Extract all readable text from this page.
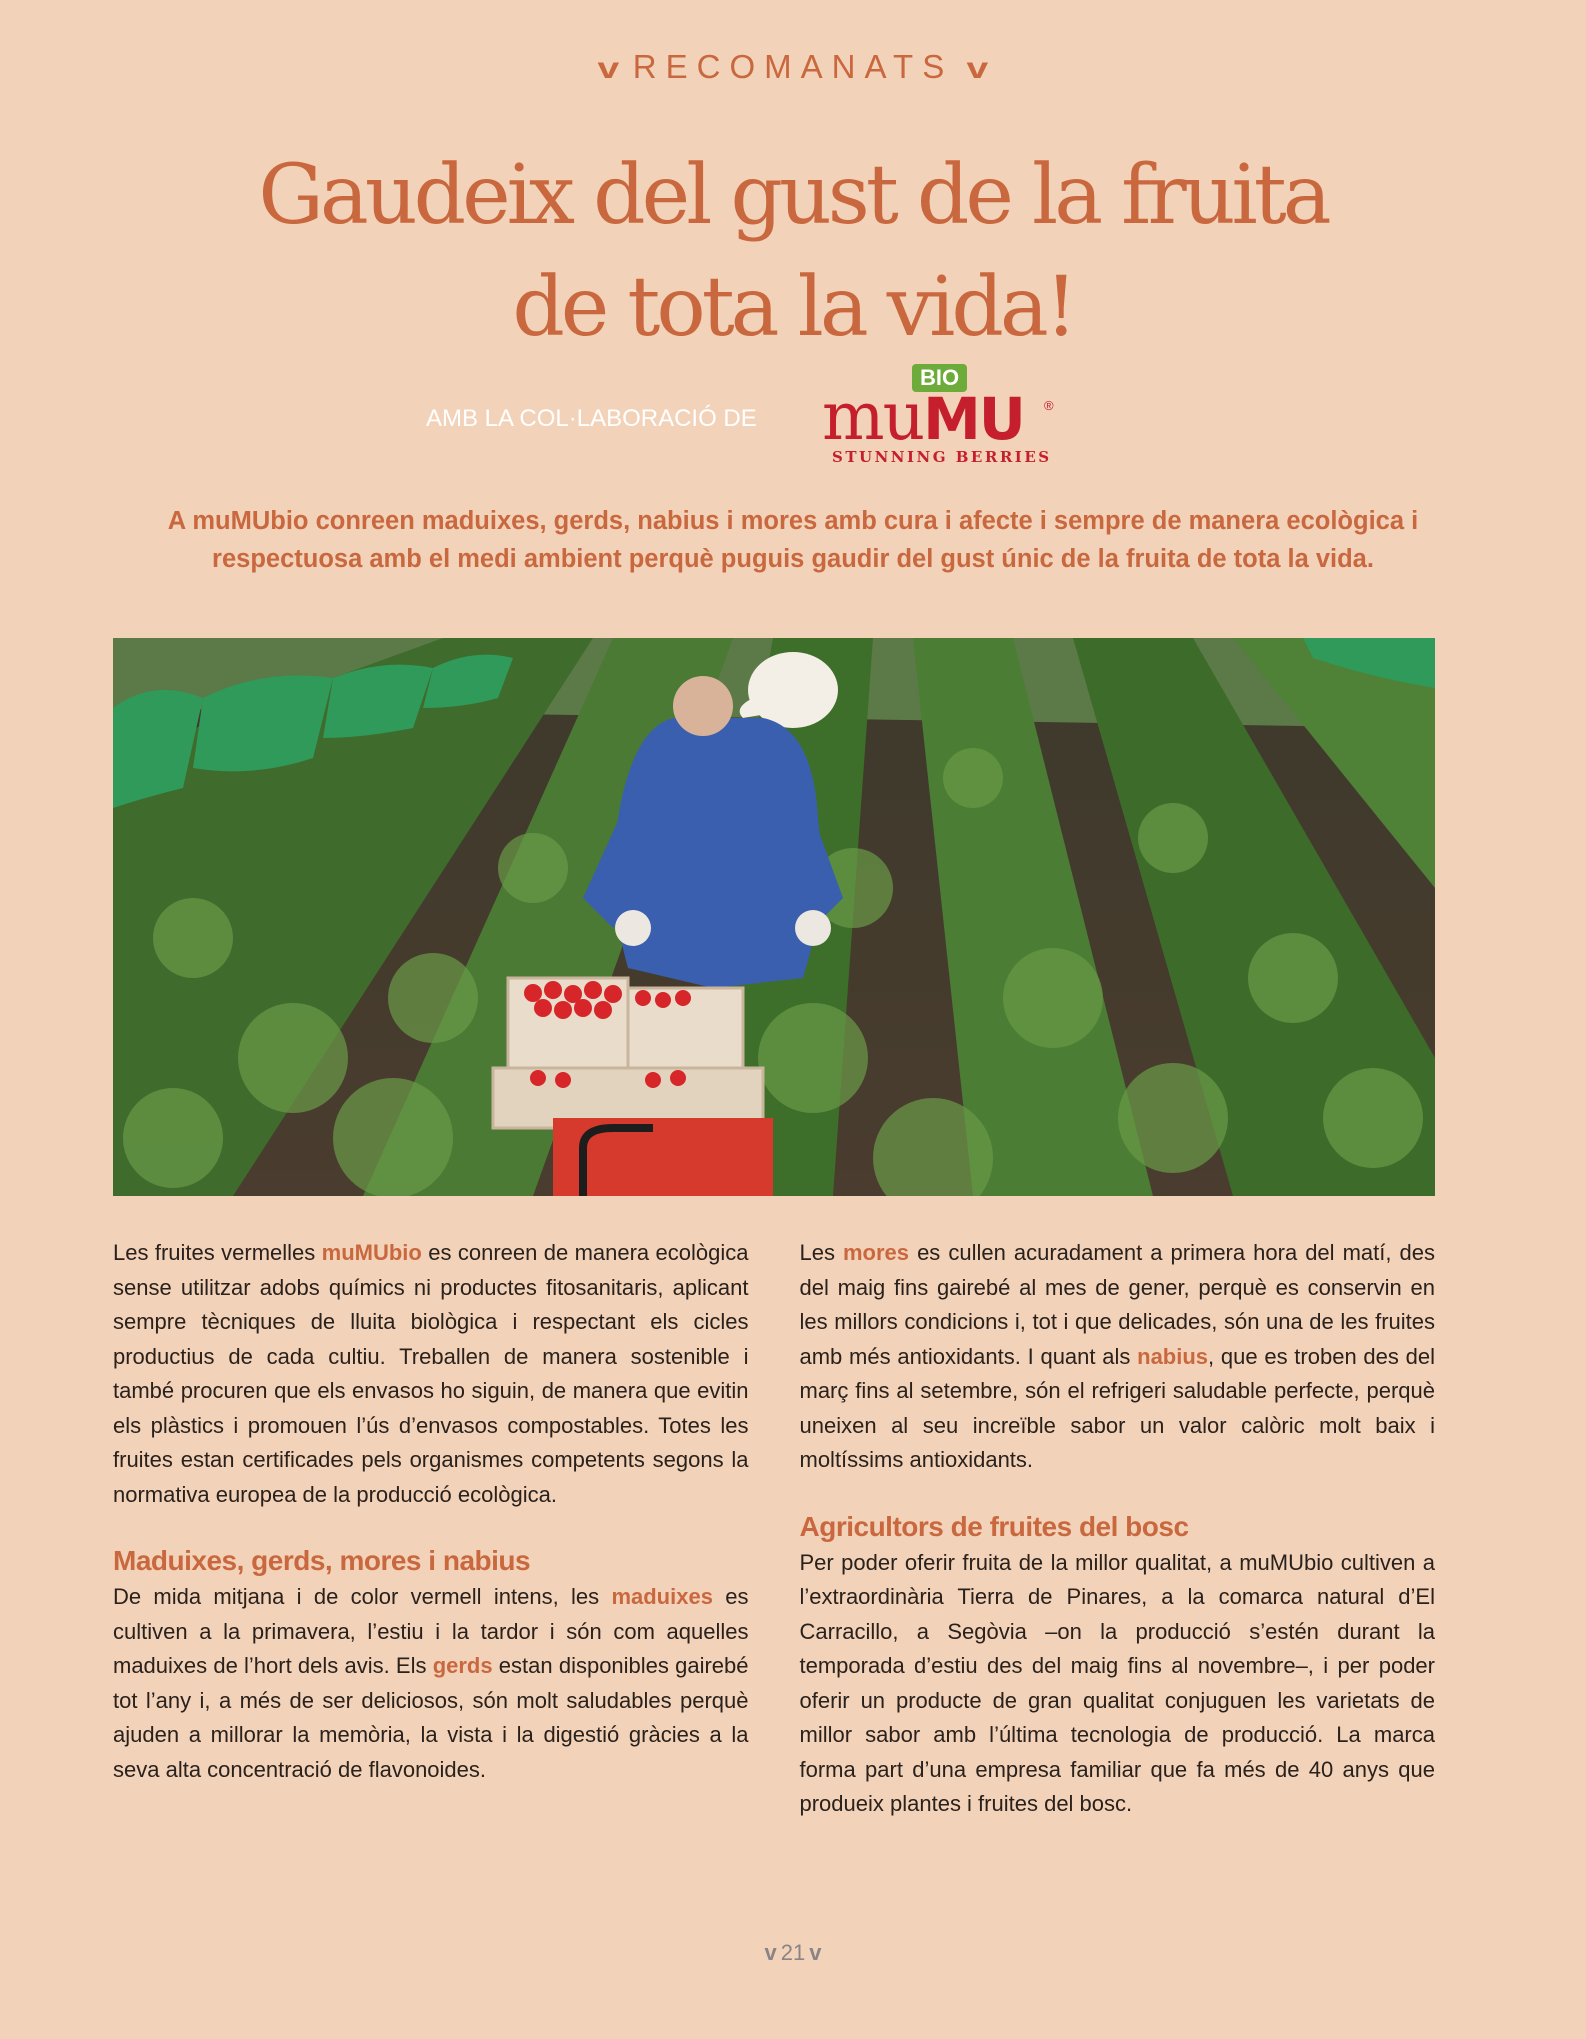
v RECOMANATS v
Gaudeix del gust de la fruita
de tota la vida!
AMB LA COL·LABORACIÓ DE
BIO
muMU ®
STUNNING BERRIES
A muMUbio conreen maduixes, gerds, nabius i mores amb cura i afecte i sempre de manera ecològica i respectuosa amb el medi ambient perquè puguis gaudir del gust únic de la fruita de tota la vida.

Les fruites vermelles muMUbio es conreen de manera ecològica sense utilitzar adobs químics ni productes fitosanitaris, aplicant sempre tècniques de lluita biològica i respectant els cicles productius de cada cultiu. Treballen de manera sostenible i també procuren que els envasos ho siguin, de manera que evitin els plàstics i promouen l’ús d’envasos compostables. Totes les fruites estan certificades pels organismes competents segons la normativa europea de la producció ecològica.

Maduixes, gerds, mores i nabius

De mida mitjana i de color vermell intens, les maduixes es cultiven a la primavera, l’estiu i la tardor i són com aquelles maduixes de l’hort dels avis. Els gerds estan disponibles gairebé tot l’any i, a més de ser deliciosos, són molt saludables perquè ajuden a millorar la memòria, la vista i la digestió gràcies a la seva alta concentració de flavonoides.

Les mores es cullen acuradament a primera hora del matí, des del maig fins gairebé al mes de gener, perquè es conservin en les millors condicions i, tot i que delicades, són una de les fruites amb més antioxidants. I quant als nabius, que es troben des del març fins al setembre, són el refrigeri saludable perfecte, perquè uneixen al seu increïble sabor un valor calòric molt baix i moltíssims antioxidants.

Agricultors de fruites del bosc

Per poder oferir fruita de la millor qualitat, a muMUbio cultiven a l’extraordinària Tierra de Pinares, a la comarca natural d’El Carracillo, a Segòvia –on la producció s’estén durant la temporada d’estiu des del maig fins al novembre–, i per poder oferir un producte de gran qualitat conjuguen les varietats de millor sabor amb l’última tecnologia de producció. La marca forma part d’una empresa familiar que fa més de 40 anys que produeix plantes i fruites del bosc.

v 21 v
